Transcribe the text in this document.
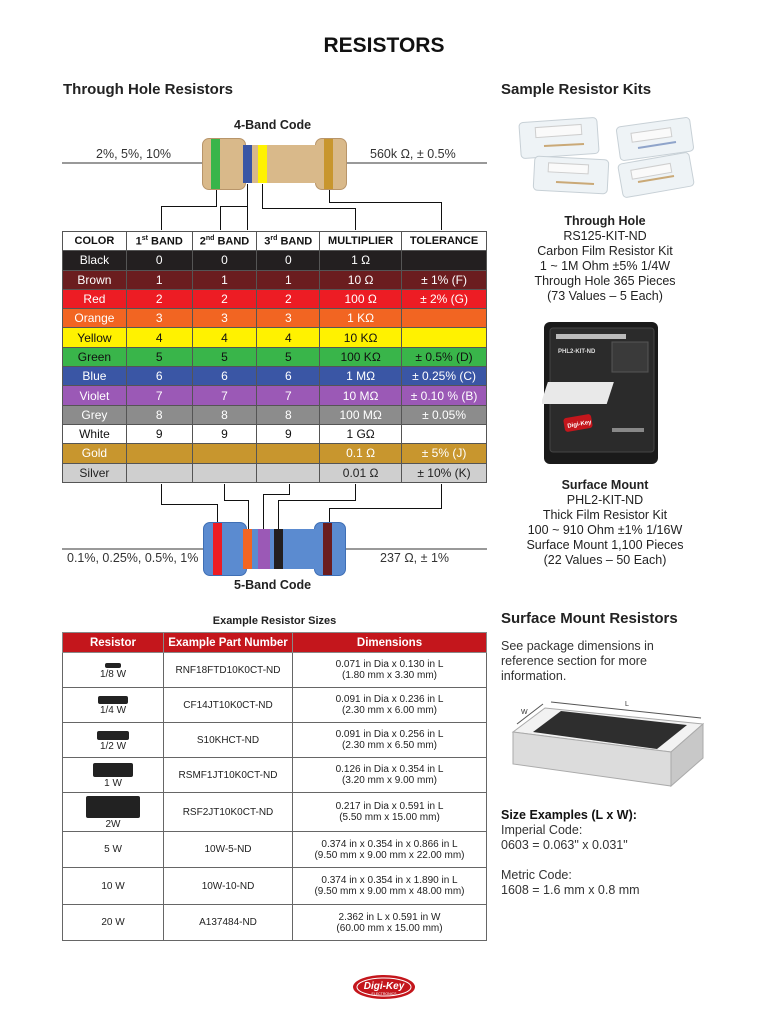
RESISTORS
Through Hole Resistors
4-Band Code
2%, 5%, 10%	560k Ω, ± 0.5%
COLOR	1st BAND	2nd BAND	3rd BAND	MULTIPLIER	TOLERANCE
Black	0	0	0	1 Ω	
Brown	1	1	1	10 Ω	± 1% (F)
Red	2	2	2	100 Ω	± 2% (G)
Orange	3	3	3	1 KΩ	
Yellow	4	4	4	10 KΩ	
Green	5	5	5	100 KΩ	± 0.5% (D)
Blue	6	6	6	1 MΩ	± 0.25% (C)
Violet	7	7	7	10 MΩ	± 0.10 % (B)
Grey	8	8	8	100 MΩ	± 0.05%
White	9	9	9	1 GΩ	
Gold				0.1 Ω	± 5% (J)
Silver				0.01 Ω	± 10% (K)
0.1%, 0.25%, 0.5%, 1%	237 Ω, ± 1%
5-Band Code
Example Resistor Sizes
Resistor	Example Part Number	Dimensions

1/8 W	RNF18FTD10K0CT-ND	0.071 in Dia x 0.130 in L
(1.80 mm x 3.30 mm)

1/4 W	CF14JT10K0CT-ND	0.091 in Dia x 0.236 in L
(2.30 mm x 6.00 mm)

1/2 W	S10KHCT-ND	0.091 in Dia x 0.256 in L
(2.30 mm x 6.50 mm)

1 W	RSMF1JT10K0CT-ND	0.126 in Dia x 0.354 in L
(3.20 mm x 9.00 mm)

2W	RSF2JT10K0CT-ND	0.217 in Dia x 0.591 in L
(5.50 mm x 15.00 mm)

5 W	10W-5-ND	0.374 in x 0.354 in x 0.866 in L
(9.50 mm x 9.00 mm x 22.00 mm)

10 W	10W-10-ND	0.374 in x 0.354 in x 1.890 in L
(9.50 mm x 9.00 mm x 48.00 mm)

20 W	A137484-ND	2.362 in L x 0.591 in W
(60.00 mm x 15.00 mm)
Sample Resistor Kits
Through Hole
RS125-KIT-ND
Carbon Film Resistor Kit
1 ~ 1M Ohm ±5% 1/4W
Through Hole 365 Pieces
(73 Values – 5 Each)
PHL2-KIT-ND
Digi-Key
Surface Mount
PHL2-KIT-ND
Thick Film Resistor Kit
100 ~ 910 Ohm ±1% 1/16W
Surface Mount 1,100 Pieces
(22 Values – 50 Each)
Surface Mount Resistors
See package dimensions in reference section for more information.
W
L
Size Examples (L x W):
Imperial Code:
0603 = 0.063" x 0.031"
Metric Code:
1608 = 1.6 mm x 0.8 mm
Digi-Key
ELECTRONICS
